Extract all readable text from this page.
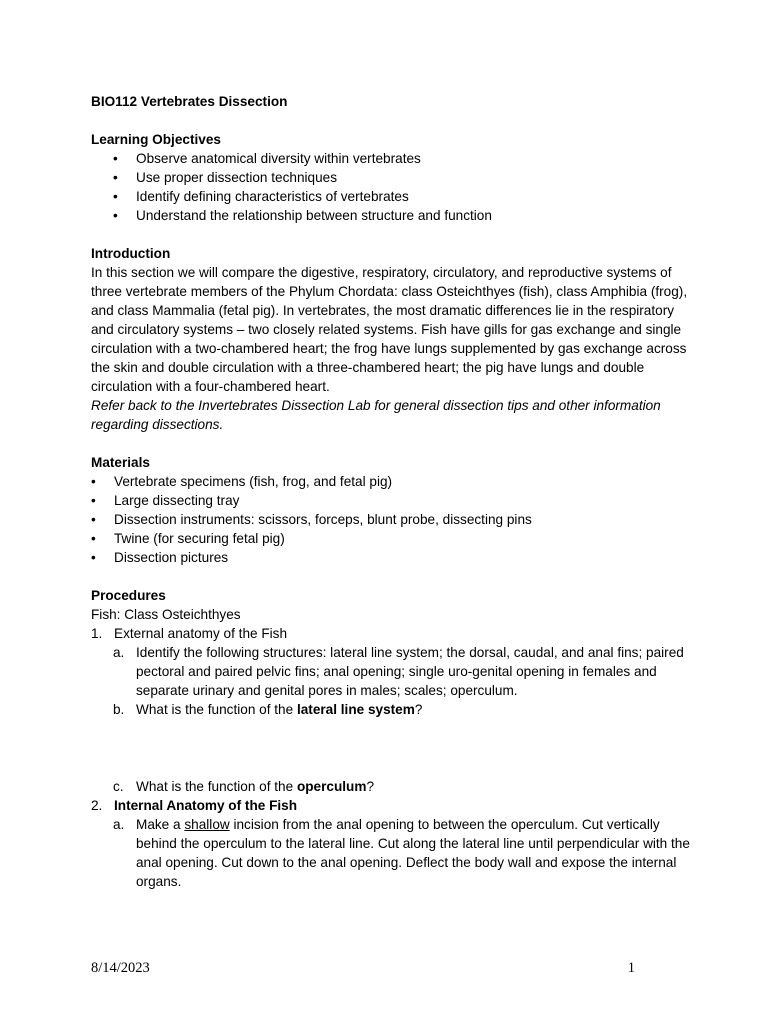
BIO112 Vertebrates Dissection

Learning Objectives

• Observe anatomical diversity within vertebrates
• Use proper dissection techniques
• Identify defining characteristics of vertebrates
• Understand the relationship between structure and function

Introduction

In this section we will compare the digestive, respiratory, circulatory, and reproductive systems of three vertebrate members of the Phylum Chordata: class Osteichthyes (fish), class Amphibia (frog), and class Mammalia (fetal pig). In vertebrates, the most dramatic differences lie in the respiratory and circulatory systems – two closely related systems. Fish have gills for gas exchange and single circulation with a two-chambered heart; the frog have lungs supplemented by gas exchange across the skin and double circulation with a three-chambered heart; the pig have lungs and double circulation with a four-chambered heart.

Refer back to the Invertebrates Dissection Lab for general dissection tips and other information regarding dissections.

Materials

• Vertebrate specimens (fish, frog, and fetal pig)
• Large dissecting tray
• Dissection instruments: scissors, forceps, blunt probe, dissecting pins
• Twine (for securing fetal pig)
• Dissection pictures

Procedures

Fish: Class Osteichthyes

1. External anatomy of the Fish
a. Identify the following structures: lateral line system; the dorsal, caudal, and anal fins; paired pectoral and paired pelvic fins; anal opening; single uro-genital opening in females and separate urinary and genital pores in males; scales; operculum.
b. What is the function of the lateral line system?
c. What is the function of the operculum?
2. Internal Anatomy of the Fish
a. Make a shallow incision from the anal opening to between the operculum. Cut vertically behind the operculum to the lateral line. Cut along the lateral line until perpendicular with the anal opening. Cut down to the anal opening. Deflect the body wall and expose the internal organs.
8/14/2023	1
